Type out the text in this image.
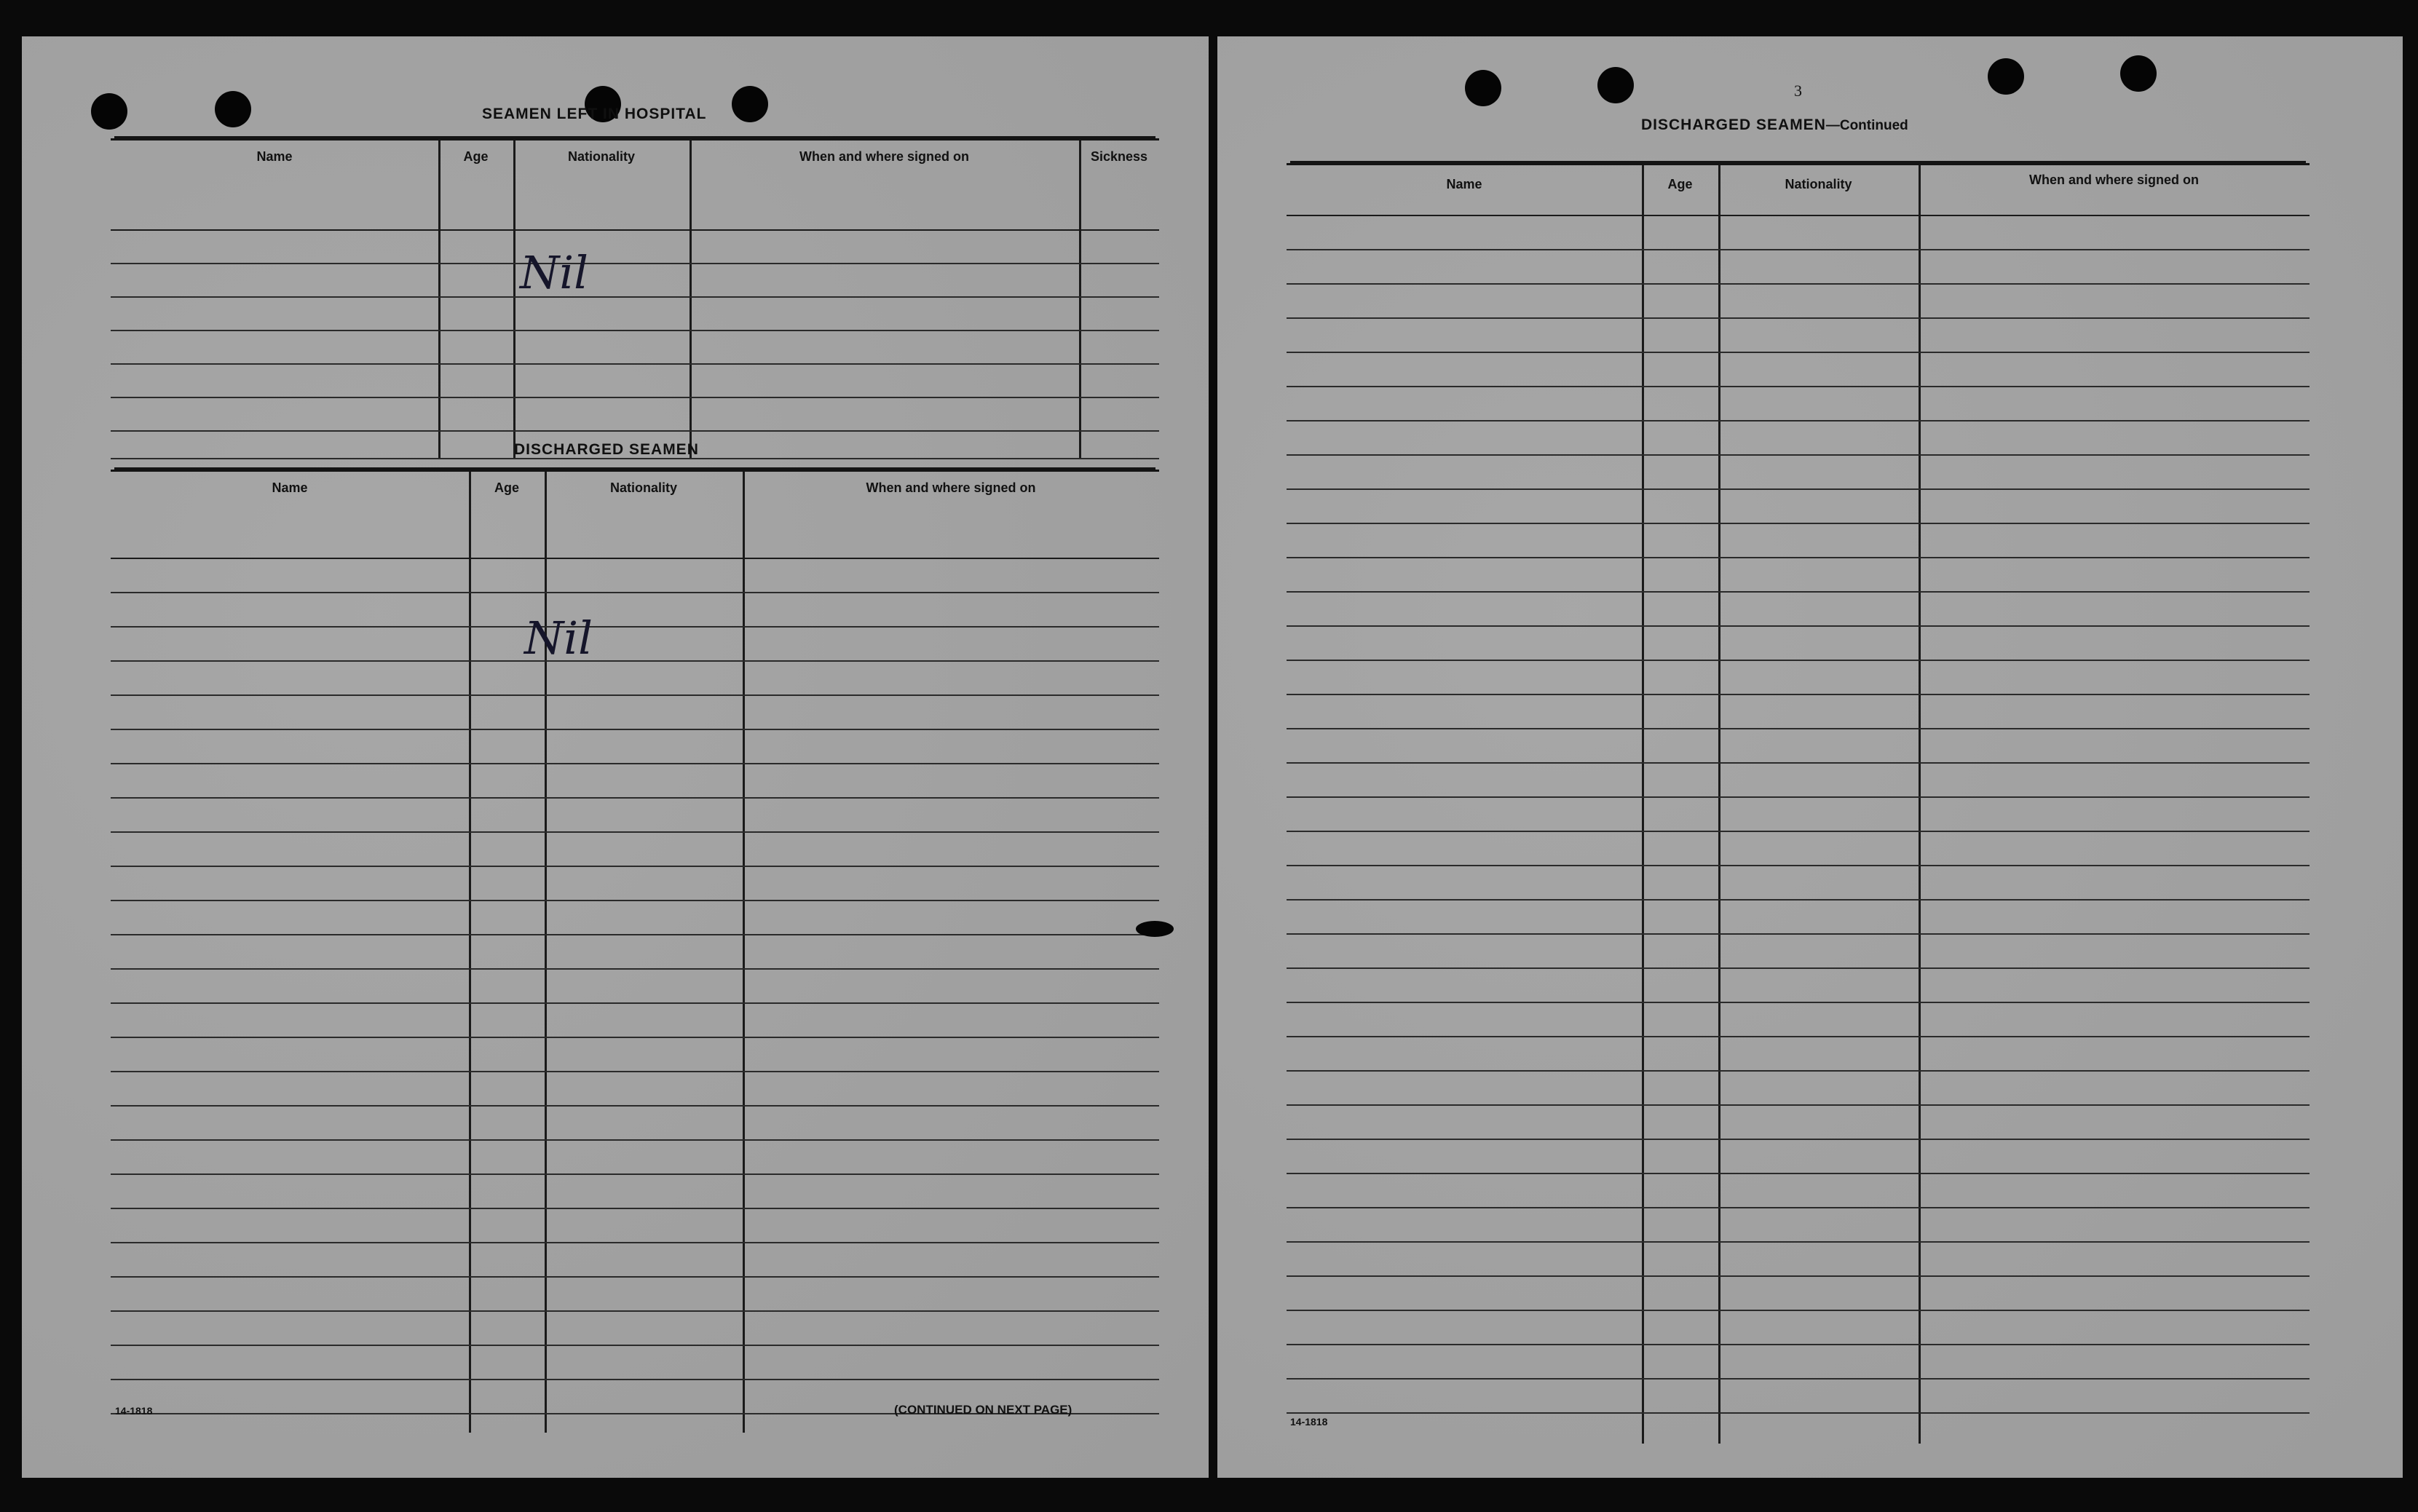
SEAMEN LEFT IN HOSPITAL
Name	Age	Nationality	When and where signed on	Sickness
Nil
DISCHARGED SEAMEN
Name	Age	Nationality	When and where signed on
Nil
14-1818	(CONTINUED ON NEXT PAGE)
3
DISCHARGED SEAMEN—Continued
Name	Age	Nationality	When and where signed on
14-1818
